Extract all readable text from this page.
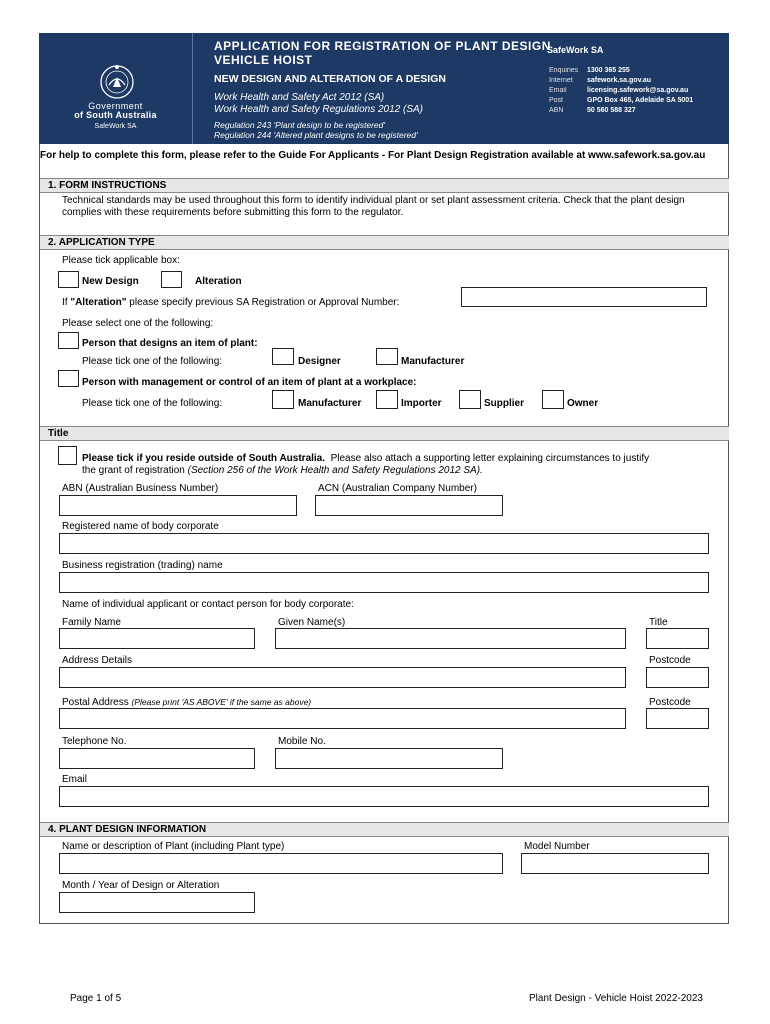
Government
of South Australia
SafeWork SA
APPLICATION FOR REGISTRATION OF PLANT DESIGN
VEHICLE HOIST
NEW DESIGN AND ALTERATION OF A DESIGN
Work Health and Safety Act 2012 (SA)
Work Health and Safety Regulations 2012 (SA)
Regulation 243 'Plant design to be registered'
Regulation 244 'Altered plant designs to be registered'
SafeWork SA
Enquiries	1300 365 255
Internet	safework.sa.gov.au
Email	licensing.safework@sa.gov.au
Post	GPO Box 465, Adelaide SA 5001
ABN	50 560 588 327
For help to complete this form, please refer to the Guide For Applicants - For Plant Design Registration available at www.safework.sa.gov.au
1. FORM INSTRUCTIONS
Technical standards may be used throughout this form to identify individual plant or set plant assessment criteria. Check that the plant design complies with these requirements before submitting this form to the regulator.
2. APPLICATION TYPE
Please tick applicable box:
New Design	Alteration
If "Alteration" please specify previous SA Registration or Approval Number:
Please select one of the following:
Person that designs an item of plant:
Please tick one of the following:	Designer	Manufacturer
Person with management or control of an item of plant at a workplace:
Please tick one of the following:	Manufacturer	Importer	Supplier	Owner
Title
Please tick if you reside outside of South Australia. Please also attach a supporting letter explaining circumstances to justify
the grant of registration (Section 256 of the Work Health and Safety Regulations 2012 SA).
ABN (Australian Business Number)	ACN (Australian Company Number)
Registered name of body corporate
Business registration (trading) name
Name of individual applicant or contact person for body corporate:
Family Name	Given Name(s)	Title
Address Details	Postcode
Postal Address (Please print 'AS ABOVE' if the same as above)	Postcode
Telephone No.	Mobile No.
Email
4. PLANT DESIGN INFORMATION
Name or description of Plant (including Plant type)	Model Number
Month / Year of Design or Alteration
Page 1 of 5	Plant Design - Vehicle Hoist 2022-2023
